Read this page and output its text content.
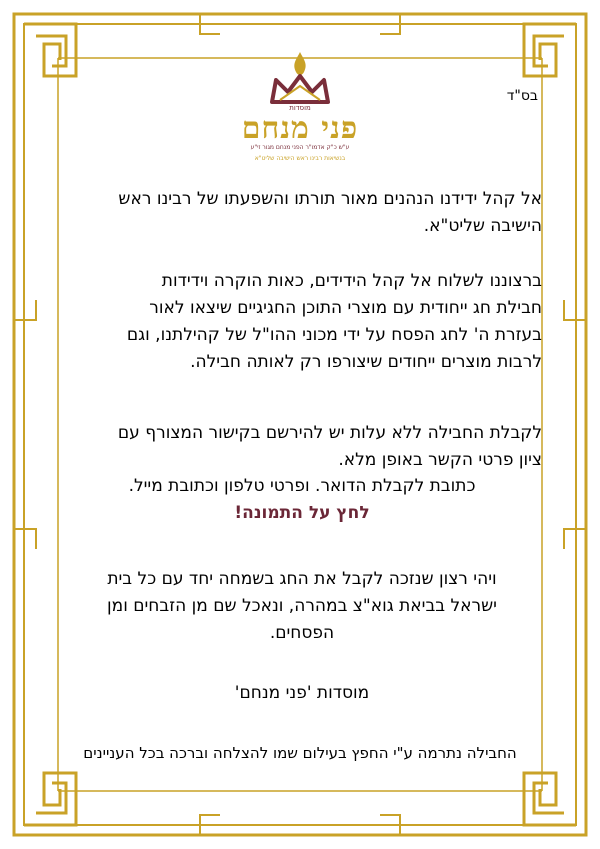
מוסדות
פני מנחם
ע"ש כ"ק אדמו"ר הפני מנחם מגור זי"ע
בנשיאות רבינו ראש הישיבה שליט"א
בס"ד
אל קהל ידידנו הנהנים מאור תורתו והשפעתו של רבינו ראש
הישיבה שליט"א.
ברצוננו לשלוח אל קהל הידידים, כאות הוקרה וידידות
חבילת חג ייחודית עם מוצרי התוכן החגיגיים שיצאו לאור
בעזרת ה' לחג הפסח על ידי מכוני ההו"ל של קהילתנו, וגם
לרבות מוצרים ייחודים שיצורפו רק לאותה חבילה.
לקבלת החבילה ללא עלות יש להירשם בקישור המצורף עם
ציון פרטי הקשר באופן מלא.
כתובת לקבלת הדואר. ופרטי טלפון וכתובת מייל.
לחץ על התמונה!
ויהי רצון שנזכה לקבל את החג בשמחה יחד עם כל בית
ישראל בביאת גוא"צ במהרה, ונאכל שם מן הזבחים ומן
הפסחים.
מוסדות 'פני מנחם'
החבילה נתרמה ע"י החפץ בעילום שמו להצלחה וברכה בכל העניינים
